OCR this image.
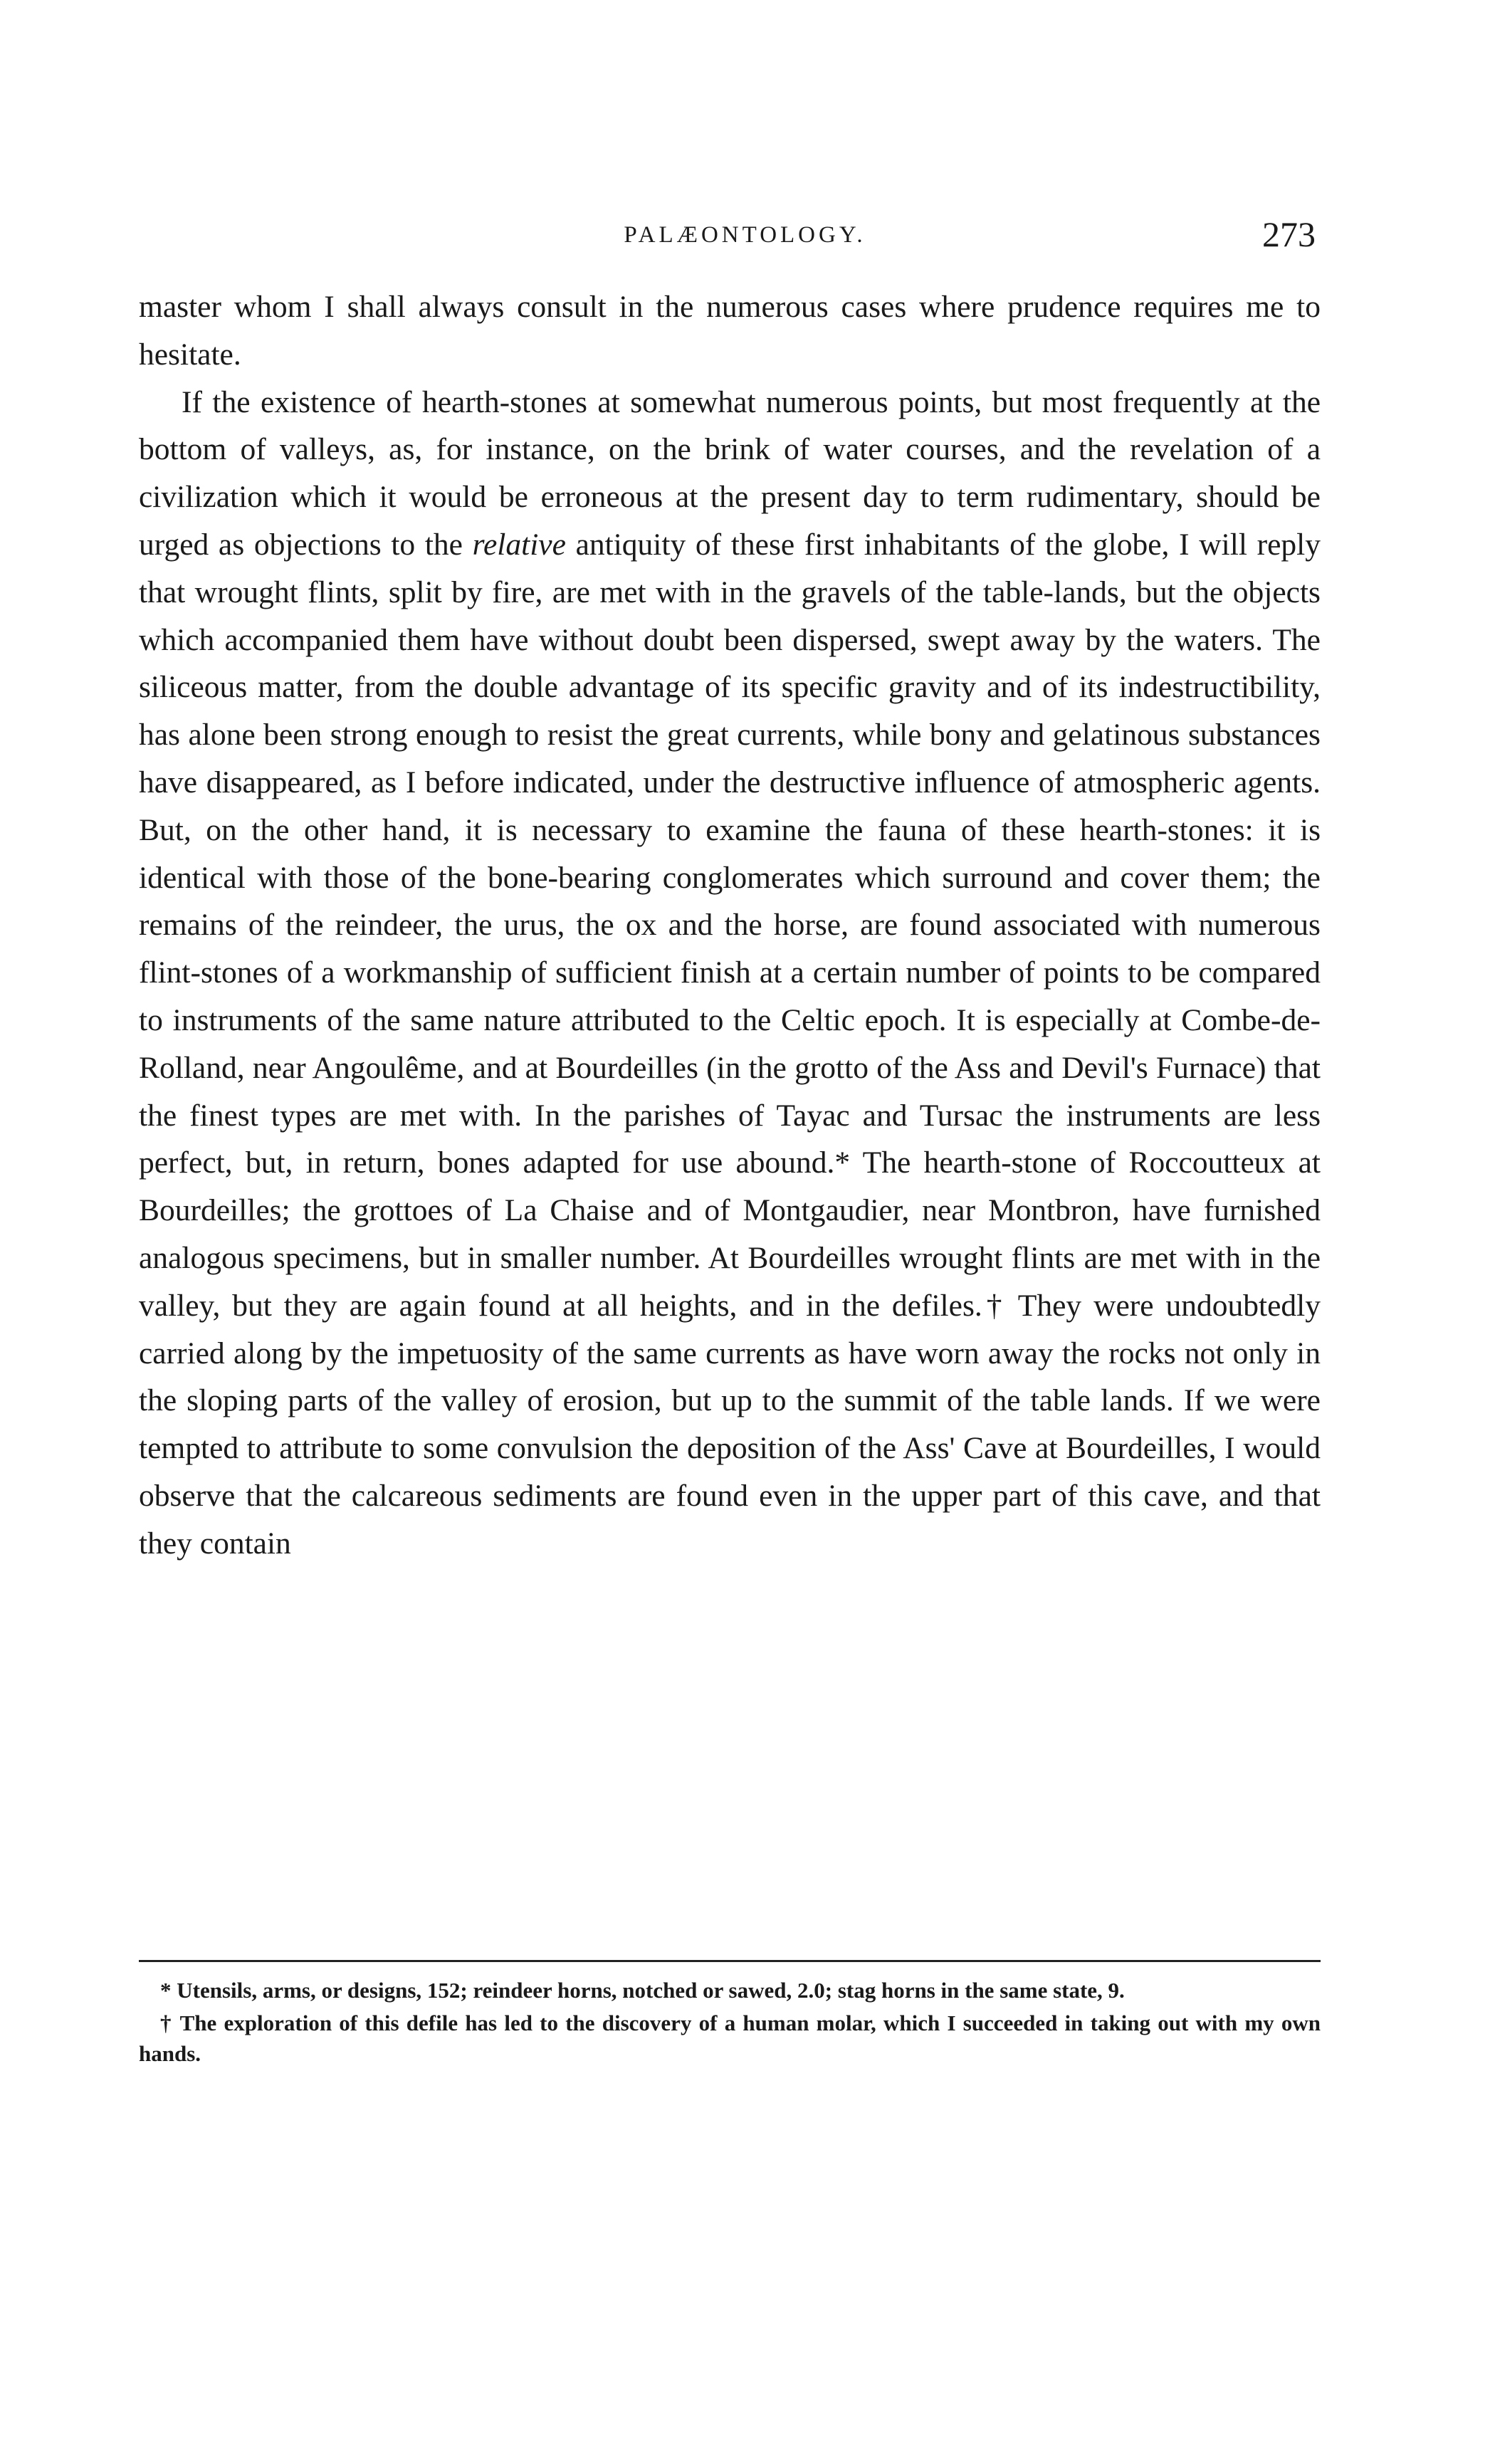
PALÆONTOLOGY.	273

master whom I shall always consult in the numerous cases where prudence requires me to hesitate.

If the existence of hearth-stones at somewhat numerous points, but most frequently at the bottom of valleys, as, for instance, on the brink of water courses, and the revelation of a civilization which it would be erroneous at the present day to term rudimentary, should be urged as objections to the relative antiquity of these first inhabitants of the globe, I will reply that wrought flints, split by fire, are met with in the gravels of the table-lands, but the objects which accompanied them have without doubt been dispersed, swept away by the waters. The siliceous matter, from the double advantage of its specific gravity and of its indestructibility, has alone been strong enough to resist the great currents, while bony and gelatinous substances have disappeared, as I before indicated, under the destructive influence of atmospheric agents. But, on the other hand, it is necessary to examine the fauna of these hearth-stones: it is identical with those of the bone-bearing conglomerates which surround and cover them; the remains of the reindeer, the urus, the ox and the horse, are found associated with numerous flint-stones of a workmanship of sufficient finish at a certain number of points to be compared to instruments of the same nature attributed to the Celtic epoch. It is especially at Combe-de-Rolland, near Angoulême, and at Bourdeilles (in the grotto of the Ass and Devil's Furnace) that the finest types are met with. In the parishes of Tayac and Tursac the instruments are less perfect, but, in return, bones adapted for use abound.* The hearth-stone of Roccoutteux at Bourdeilles; the grottoes of La Chaise and of Montgaudier, near Montbron, have furnished analogous specimens, but in smaller number. At Bourdeilles wrought flints are met with in the valley, but they are again found at all heights, and in the defiles.† They were undoubtedly carried along by the impetuosity of the same currents as have worn away the rocks not only in the sloping parts of the valley of erosion, but up to the summit of the table lands. If we were tempted to attribute to some convulsion the deposition of the Ass' Cave at Bourdeilles, I would observe that the calcareous sediments are found even in the upper part of this cave, and that they contain

* Utensils, arms, or designs, 152; reindeer horns, notched or sawed, 2.0; stag horns in the same state, 9.

† The exploration of this defile has led to the discovery of a human molar, which I succeeded in taking out with my own hands.
